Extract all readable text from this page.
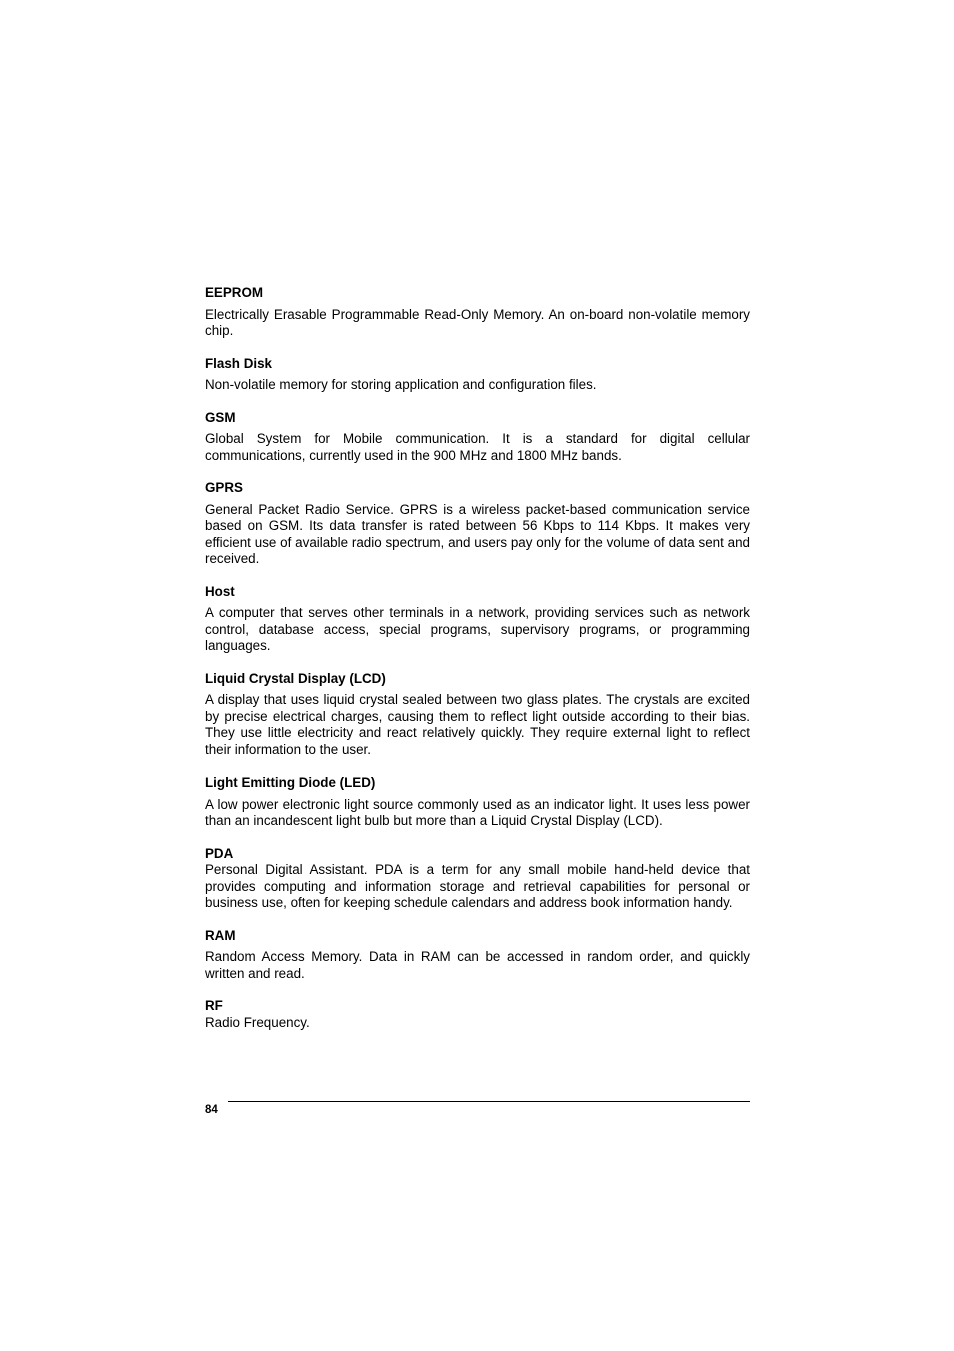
EEPROM

Electrically Erasable Programmable Read-Only Memory. An on-board non-volatile memory chip.

Flash Disk

Non-volatile memory for storing application and configuration files.

GSM

Global System for Mobile communication. It is a standard for digital cellular communications, currently used in the 900 MHz and 1800 MHz bands.

GPRS

General Packet Radio Service. GPRS is a wireless packet-based communication service based on GSM. Its data transfer is rated between 56 Kbps to 114 Kbps. It makes very efficient use of available radio spectrum, and users pay only for the volume of data sent and received.

Host

A computer that serves other terminals in a network, providing services such as network control, database access, special programs, supervisory programs, or programming languages.

Liquid Crystal Display (LCD)

A display that uses liquid crystal sealed between two glass plates. The crystals are excited by precise electrical charges, causing them to reflect light outside according to their bias. They use little electricity and react relatively quickly. They require external light to reflect their information to the user.

Light Emitting Diode (LED)

A low power electronic light source commonly used as an indicator light. It uses less power than an incandescent light bulb but more than a Liquid Crystal Display (LCD).

PDA

Personal Digital Assistant. PDA is a term for any small mobile hand-held device that provides computing and information storage and retrieval capabilities for personal or business use, often for keeping schedule calendars and address book information handy.

RAM

Random Access Memory. Data in RAM can be accessed in random order, and quickly written and read.

RF

Radio Frequency.

84
